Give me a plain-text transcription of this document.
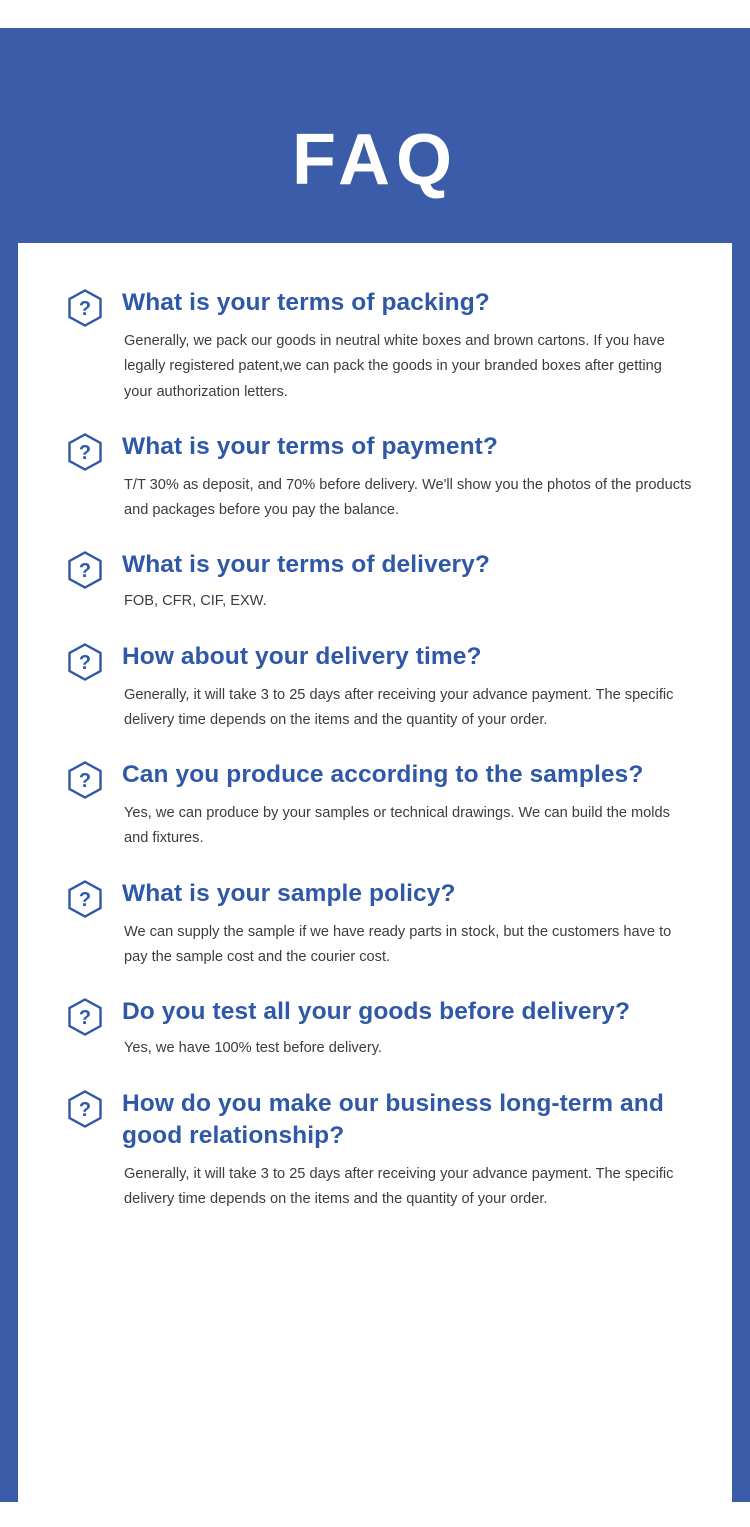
FAQ
? What is your terms of packing?

Generally, we pack our goods in neutral white boxes and brown cartons. If you have legally registered patent,we can pack the goods in your branded boxes after getting your authorization letters.

? What is your terms of payment?

T/T 30% as deposit, and 70% before delivery. We'll show you the photos of the products and packages before you pay the balance.

? What is your terms of delivery?

FOB, CFR, CIF, EXW.

? How about your delivery time?

Generally, it will take 3 to 25 days after receiving your advance payment. The specific delivery time depends on the items and the quantity of your order.

? Can you produce according to the samples?

Yes, we can produce by your samples or technical drawings. We can build the molds and fixtures.

? What is your sample policy?

We can supply the sample if we have ready parts in stock, but the customers have to pay the sample cost and the courier cost.

? Do you test all your goods before delivery?

Yes, we have 100% test before delivery.

? How do you make our business long-term and good relationship?

Generally, it will take 3 to 25 days after receiving your advance payment. The specific delivery time depends on the items and the quantity of your order.
